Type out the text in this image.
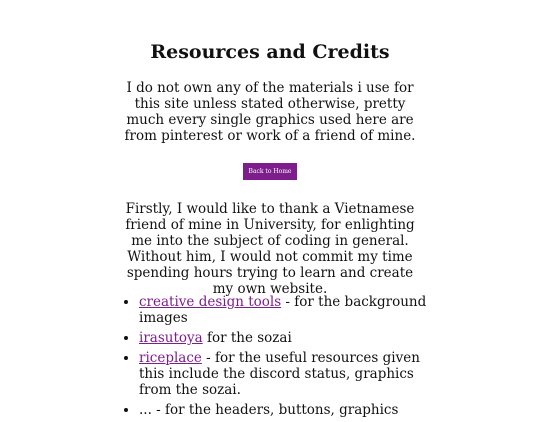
Resources and Credits

I do not own any of the materials i use for this site unless stated otherwise, pretty much every single graphics used here are from pinterest or work of a friend of mine.

Back to Home

Firstly, I would like to thank a Vietnamese friend of mine in University, for enlighting me into the subject of coding in general. Without him, I would not commit my time spending hours trying to learn and create my own website.

• creative design tools - for the background images
• irasutoya for the sozai
• riceplace - for the useful resources given this include the discord status, graphics from the sozai.
• ... - for the headers, buttons, graphics
